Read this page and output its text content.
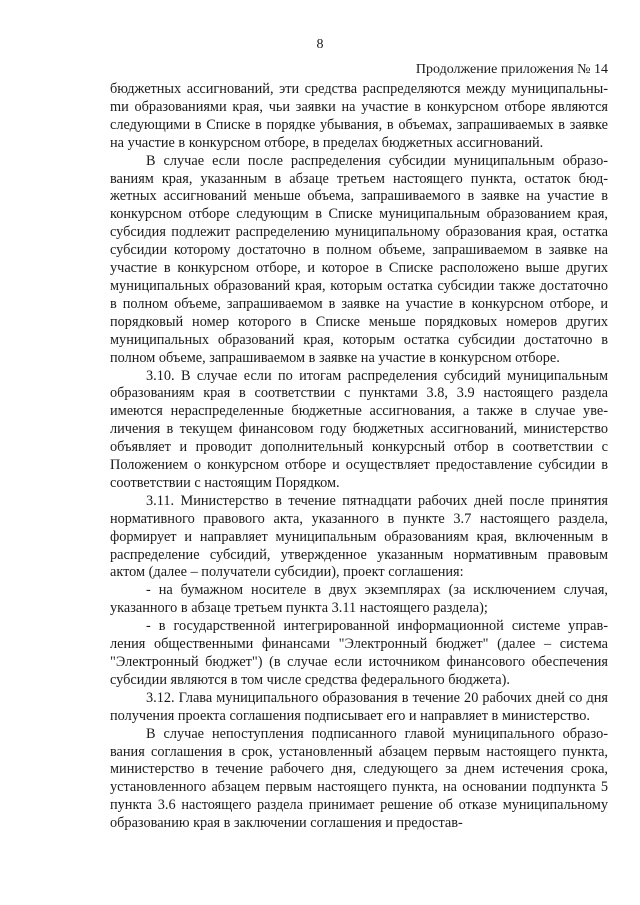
8
Продолжение приложения № 14

бюджетных ассигнований, эти средства распределяются между муниципальныmи образованиями края, чьи заявки на участие в конкурсном отборе являются следующими в Списке в порядке убывания, в объемах, запрашиваемых в заявке на участие в конкурсном отборе, в пределах бюджетных ассигнований.

В случае если после распределения субсидии муниципальным образованиям края, указанным в абзаце третьем настоящего пункта, остаток бюджетных ассигнований меньше объема, запрашиваемого в заявке на участие в конкурсном отборе следующим в Списке муниципальным образованием края, субсидия подлежит распределению муниципальному образования края, остатка субсидии которому достаточно в полном объеме, запрашиваемом в заявке на участие в конкурсном отборе, и которое в Списке расположено выше других муниципальных образований края, которым остатка субсидии также достаточно в полном объеме, запрашиваемом в заявке на участие в конкурсном отборе, и порядковый номер которого в Списке меньше порядковых номеров других муниципальных образований края, которым остатка субсидии достаточно в полном объеме, запрашиваемом в заявке на участие в конкурсном отборе.

3.10. В случае если по итогам распределения субсидий муниципальным образованиям края в соответствии с пунктами 3.8, 3.9 настоящего раздела имеются нераспределенные бюджетные ассигнования, а также в случае увеличения в текущем финансовом году бюджетных ассигнований, министерство объявляет и проводит дополнительный конкурсный отбор в соответствии с Положением о конкурсном отборе и осуществляет предоставление субсидии в соответствии с настоящим Порядком.

3.11. Министерство в течение пятнадцати рабочих дней после принятия нормативного правового акта, указанного в пункте 3.7 настоящего раздела, формирует и направляет муниципальным образованиям края, включенным в распределение субсидий, утвержденное указанным нормативным правовым актом (далее – получатели субсидии), проект соглашения:

- на бумажном носителе в двух экземплярах (за исключением случая, указанного в абзаце третьем пункта 3.11 настоящего раздела);

- в государственной интегрированной информационной системе управления общественными финансами "Электронный бюджет" (далее – система "Электронный бюджет") (в случае если источником финансового обеспечения субсидии являются в том числе средства федерального бюджета).

3.12. Глава муниципального образования в течение 20 рабочих дней со дня получения проекта соглашения подписывает его и направляет в министерство.

В случае непоступления подписанного главой муниципального образования соглашения в срок, установленный абзацем первым настоящего пункта, министерство в течение рабочего дня, следующего за днем истечения срока, установленного абзацем первым настоящего пункта, на основании подпункта 5 пункта 3.6 настоящего раздела принимает решение об отказе муниципальному образованию края в заключении соглашения и предостав-
